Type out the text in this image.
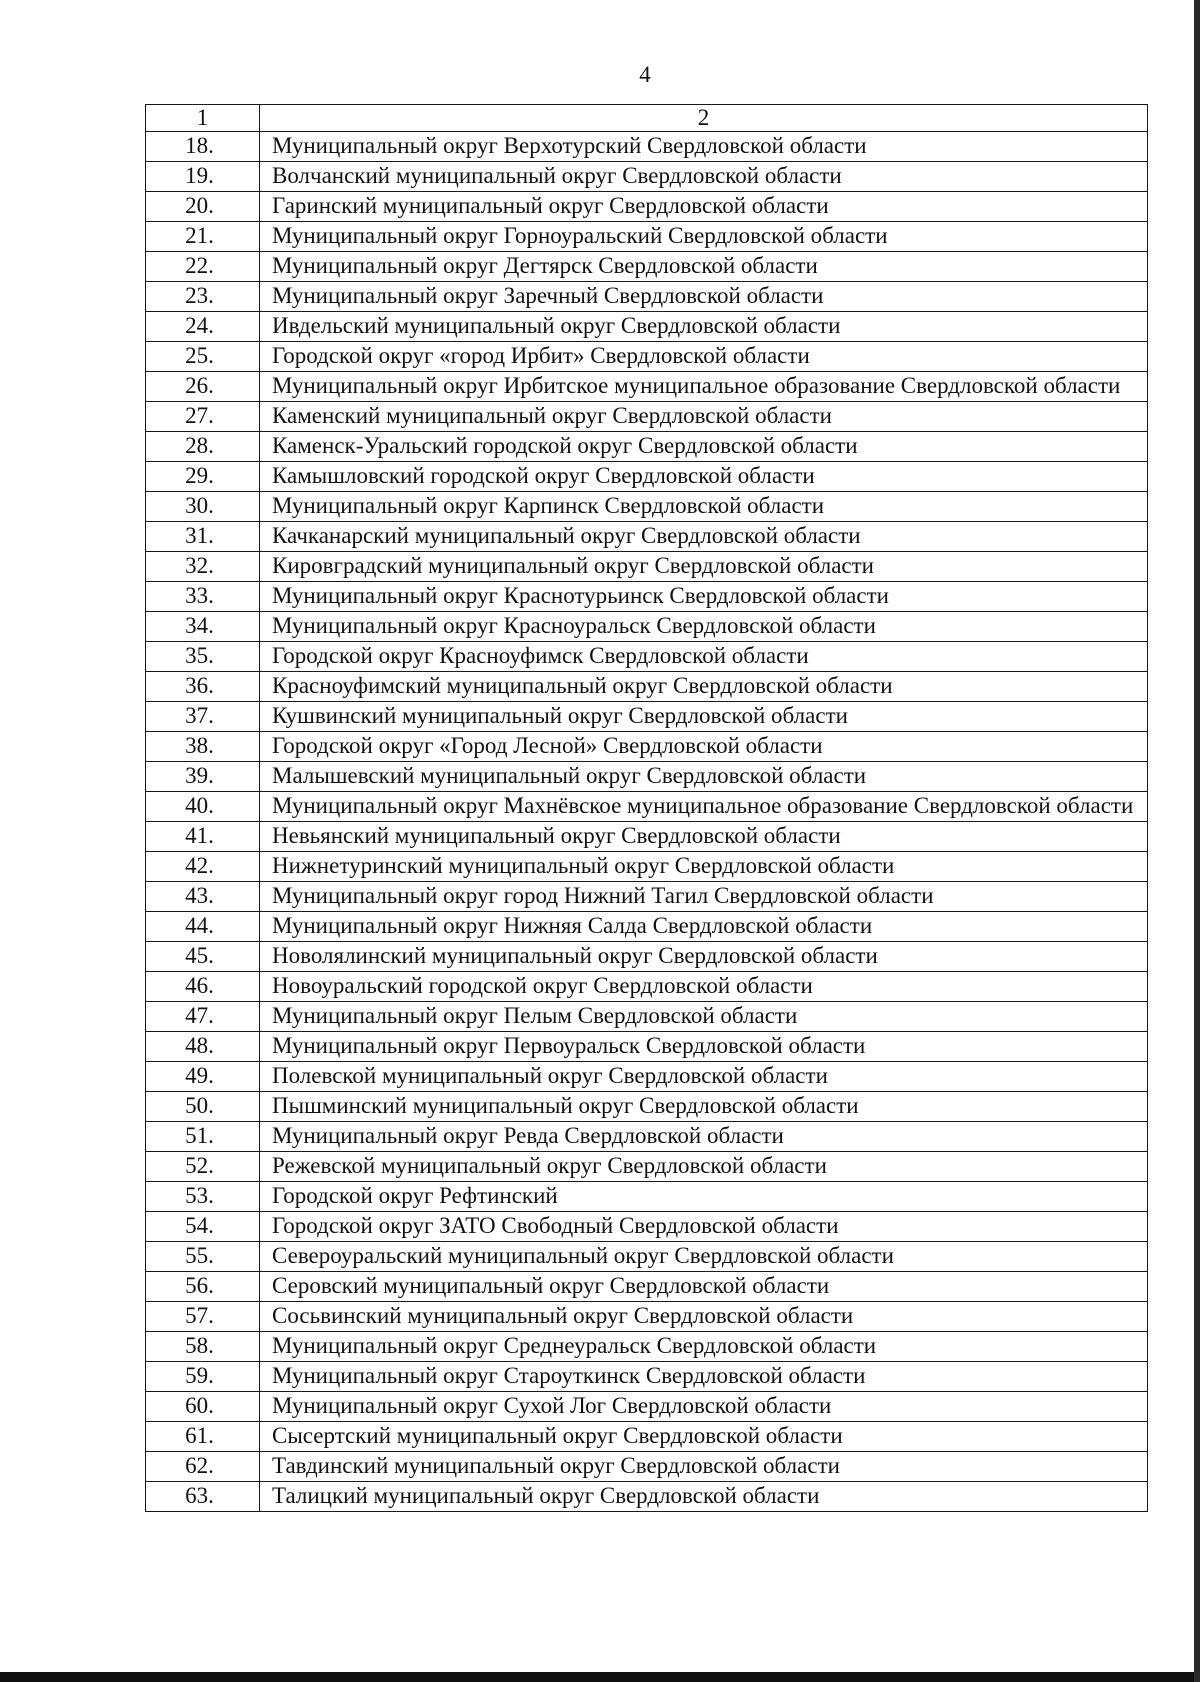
4
1	2
18.	Муниципальный округ Верхотурский Свердловской области
19.	Волчанский муниципальный округ Свердловской области
20.	Гаринский муниципальный округ Свердловской области
21.	Муниципальный округ Горноуральский Свердловской области
22.	Муниципальный округ Дегтярск Свердловской области
23.	Муниципальный округ Заречный Свердловской области
24.	Ивдельский муниципальный округ Свердловской области
25.	Городской округ «город Ирбит» Свердловской области
26.	Муниципальный округ Ирбитское муниципальное образование Свердловской области
27.	Каменский муниципальный округ Свердловской области
28.	Каменск-Уральский городской округ Свердловской области
29.	Камышловский городской округ Свердловской области
30.	Муниципальный округ Карпинск Свердловской области
31.	Качканарский муниципальный округ Свердловской области
32.	Кировградский муниципальный округ Свердловской области
33.	Муниципальный округ Краснотурьинск Свердловской области
34.	Муниципальный округ Красноуральск Свердловской области
35.	Городской округ Красноуфимск Свердловской области
36.	Красноуфимский муниципальный округ Свердловской области
37.	Кушвинский муниципальный округ Свердловской области
38.	Городской округ «Город Лесной» Свердловской области
39.	Малышевский муниципальный округ Свердловской области
40.	Муниципальный округ Махнёвское муниципальное образование Свердловской области
41.	Невьянский муниципальный округ Свердловской области
42.	Нижнетуринский муниципальный округ Свердловской области
43.	Муниципальный округ город Нижний Тагил Свердловской области
44.	Муниципальный округ Нижняя Салда Свердловской области
45.	Новолялинский муниципальный округ Свердловской области
46.	Новоуральский городской округ Свердловской области
47.	Муниципальный округ Пелым Свердловской области
48.	Муниципальный округ Первоуральск Свердловской области
49.	Полевской муниципальный округ Свердловской области
50.	Пышминский муниципальный округ Свердловской области
51.	Муниципальный округ Ревда Свердловской области
52.	Режевской муниципальный округ Свердловской области
53.	Городской округ Рефтинский
54.	Городской округ ЗАТО Свободный Свердловской области
55.	Североуральский муниципальный округ Свердловской области
56.	Серовский муниципальный округ Свердловской области
57.	Сосьвинский муниципальный округ Свердловской области
58.	Муниципальный округ Среднеуральск Свердловской области
59.	Муниципальный округ Староуткинск Свердловской области
60.	Муниципальный округ Сухой Лог Свердловской области
61.	Сысертский муниципальный округ Свердловской области
62.	Тавдинский муниципальный округ Свердловской области
63.	Талицкий муниципальный округ Свердловской области
